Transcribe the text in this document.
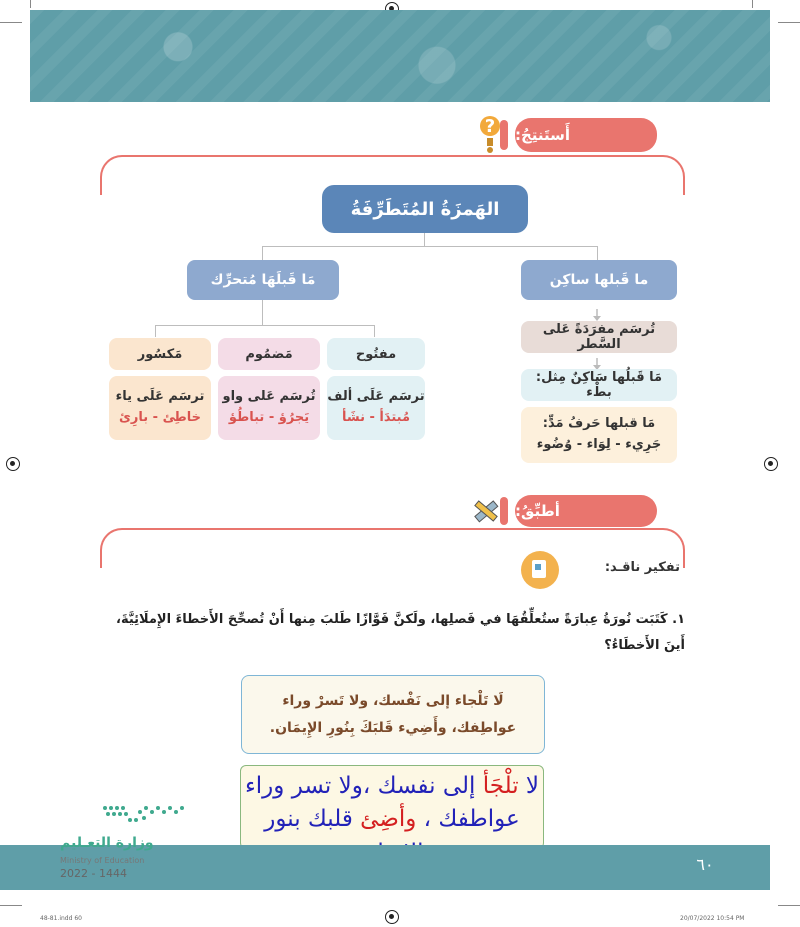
أَستَنتِجُ:
?
الهَمزَةُ المُتَطَرِّفَةُ
مَا قَبلَهَا مُتحرِّك	ما قَبلها ساكِن
مَكسُور	مَضمُوم	مفتُوح
ترسَم عَلَى ياء
خاطِئ - بارِئ
تُرسَم عَلى واو
يَجرُؤ - تباطُؤ
ترسَم عَلَى ألف
مُبتدَأ - نشَأ
تُرسَم مفرَدَةً عَلى السَّطر
مَا قَبلُها سَاكِنٌ مِثل: بطْء
مَا قبلها حَرفُ مَدٍّ:
جَرِيء - لِوَاء - وُضُوء
أطبِّقُ:
تفكير ناقـد:
١. كَتَبَت نُورَةُ عِبارَةً ستُعلِّقُهَا في فَصلِها، ولَكنَّ فَوَّازًا طَلبَ مِنها أَنْ تُصحِّحَ الأَخطاءَ الإِملَائِيَّةَ،
أَينَ الأَخطَاءُ؟
لَا تَلْجاء إلى نَفْسك، ولا تَسرْ وراء
عواطِفك، وأَضِيء قَلبَكَ بِنُورِ الإِيمَان.
لا تلْجَأ إلى نفسك ،ولا تسر وراء
عواطفك ، وأضِئ قلبك بنور
٦٠
وزارة التعـليم
Ministry of Education
2022 - 1444
48-81.indd 60	20/07/2022 10:54 PM
